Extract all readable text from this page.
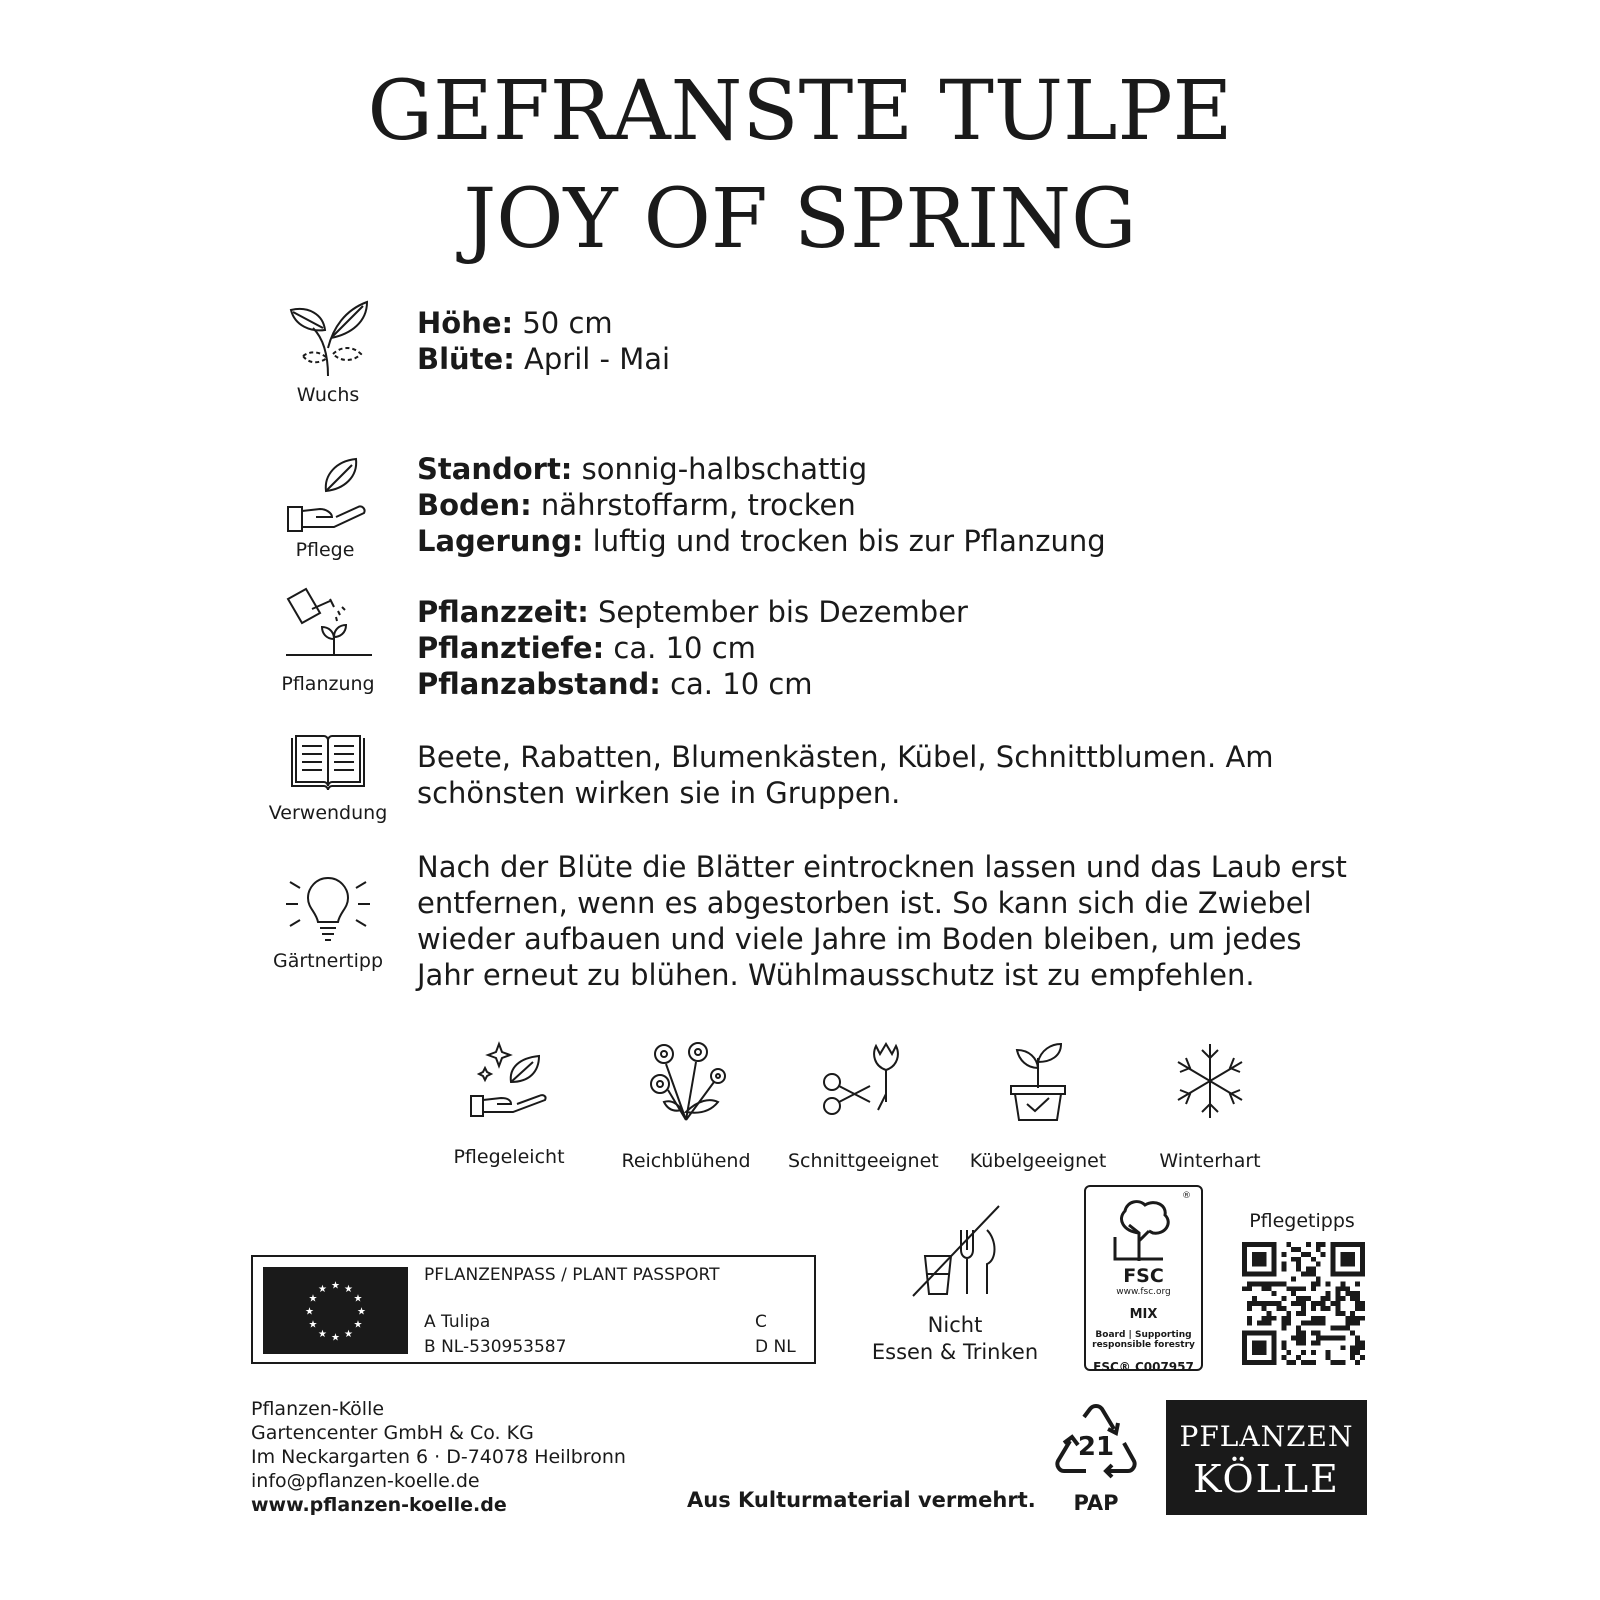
GEFRANSTE TULPE
JOY OF SPRING
Wuchs
Höhe: 50 cm
Blüte: April - Mai
Pflege
Standort: sonnig-halbschattig
Boden: nährstoffarm, trocken
Lagerung: luftig und trocken bis zur Pflanzung
Pflanzung
Pflanzzeit: September bis Dezember
Pflanztiefe: ca. 10 cm
Pflanzabstand: ca. 10 cm
Verwendung
Beete, Rabatten, Blumenkästen, Kübel, Schnittblumen. Am schönsten wirken sie in Gruppen.
Gärtnertipp
Nach der Blüte die Blätter eintrocknen lassen und das Laub erst entfernen, wenn es abgestorben ist. So kann sich die Zwiebel wieder aufbauen und viele Jahre im Boden bleiben, um jedes Jahr erneut zu blühen. Wühlmausschutz ist zu empfehlen.
Pflegeleicht	Reichblühend	Schnittgeeignet	Kübelgeeignet	Winterhart
★ ★
★
★
★
★
★
★
★
★
★
★
PFLANZENPASS / PLANT PASSPORT
A Tulipa
B NL-530953587
C
D NL
Nicht
Essen & Trinken
®
FSC
www.fsc.org
MIX
Board | Supporting
responsible forestry
FSC® C007957
Pflegetipps
Pflanzen-Kölle
Gartencenter GmbH & Co. KG
Im Neckargarten 6 · D-74078 Heilbronn
info@pflanzen-koelle.de
www.pflanzen-koelle.de	Aus Kulturmaterial vermehrt.
21
PAP
PFLANZEN
KÖLLE
